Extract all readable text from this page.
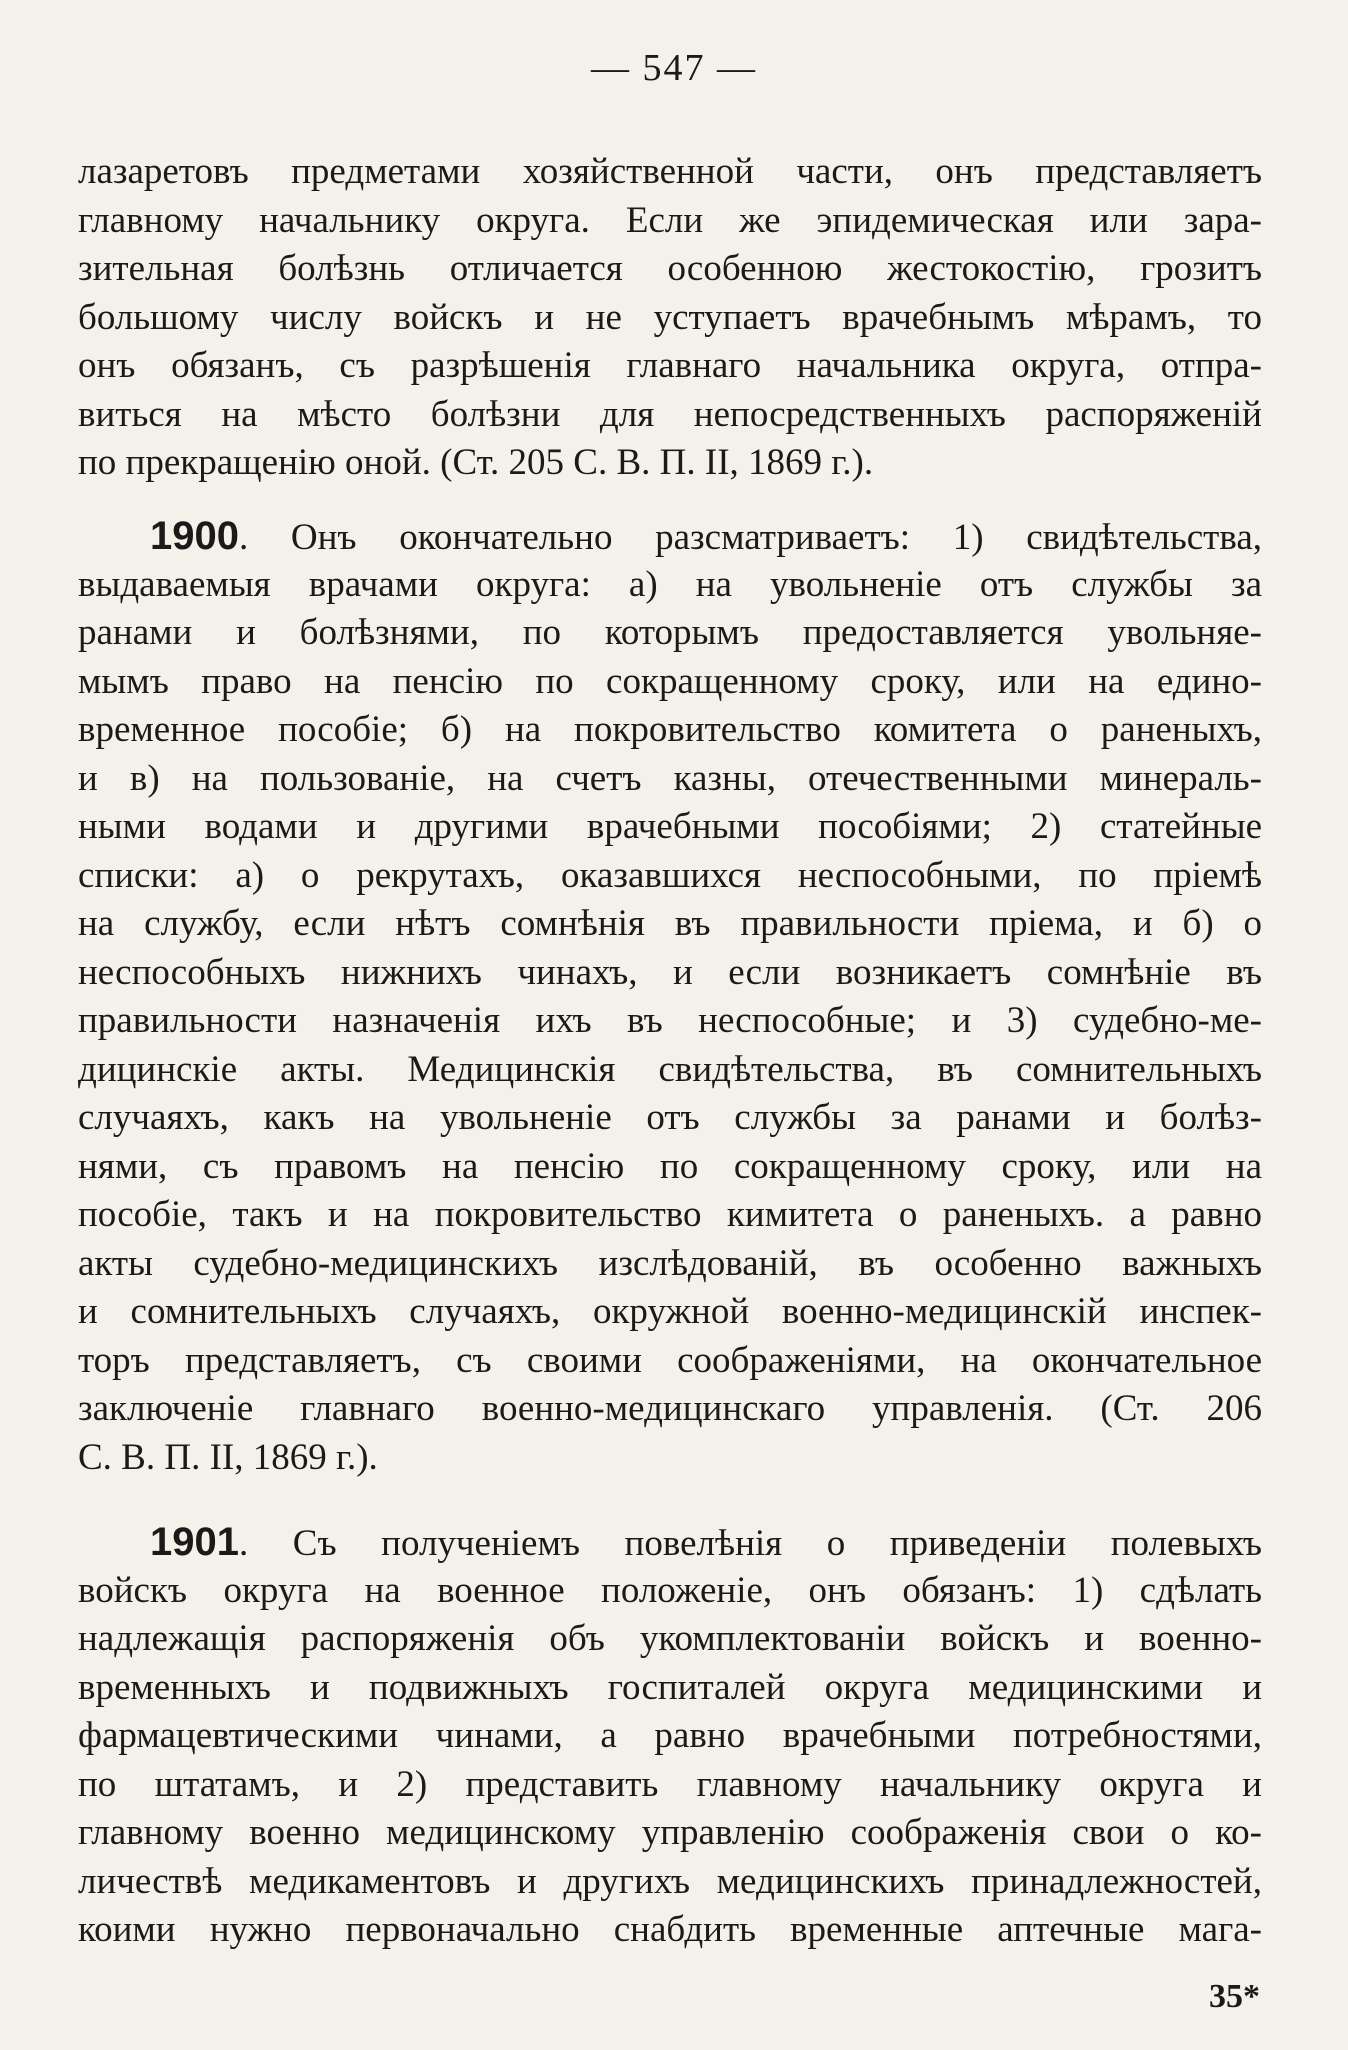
— 547 —
лазаретовъ предметами хозяйственной части, онъ представляетъ
главному начальнику округа. Если же эпидемическая или зара-
зительная болѣзнь отличается особенною жестокостію, грозитъ
большому числу войскъ и не уступаетъ врачебнымъ мѣрамъ, то
онъ обязанъ, съ разрѣшенія главнаго начальника округа, отпра-
виться на мѣсто болѣзни для непосредственныхъ распоряженій
по прекращенію оной. (Ст. 205 С. В. П. II, 1869 г.).
1900. Онъ окончательно разсматриваетъ: 1) свидѣтельства,
выдаваемыя врачами округа: а) на увольненіе отъ службы за
ранами и болѣзнями, по которымъ предоставляется увольняе-
мымъ право на пенсію по сокращенному сроку, или на едино-
временное пособіе; б) на покровительство комитета о раненыхъ,
и в) на пользованіе, на счетъ казны, отечественными минераль-
ными водами и другими врачебными пособіями; 2) статейные
списки: а) о рекрутахъ, оказавшихся неспособными, по пріемѣ
на службу, если нѣтъ сомнѣнія въ правильности пріема, и б) о
неспособныхъ нижнихъ чинахъ, и если возникаетъ сомнѣніе въ
правильности назначенія ихъ въ неспособные; и 3) судебно-ме-
дицинскіе акты. Медицинскія свидѣтельства, въ сомнительныхъ
случаяхъ, какъ на увольненіе отъ службы за ранами и болѣз-
нями, съ правомъ на пенсію по сокращенному сроку, или на
пособіе, такъ и на покровительство кимитета о раненыхъ. а равно
акты судебно-медицинскихъ изслѣдованій, въ особенно важныхъ
и сомнительныхъ случаяхъ, окружной военно-медицинскій инспек-
торъ представляетъ, съ своими соображеніями, на окончательное
заключеніе главнаго военно-медицинскаго управленія. (Ст. 206
С. В. П. II, 1869 г.).
1901. Съ полученіемъ повелѣнія о приведеніи полевыхъ
войскъ округа на военное положеніе, онъ обязанъ: 1) сдѣлать
надлежащія распоряженія объ укомплектованіи войскъ и военно-
временныхъ и подвижныхъ госпиталей округа медицинскими и
фармацевтическими чинами, а равно врачебными потребностями,
по штатамъ, и 2) представить главному начальнику округа и
главному военно медицинскому управленію соображенія свои о ко-
личествѣ медикаментовъ и другихъ медицинскихъ принадлежностей,
коими нужно первоначально снабдить временные аптечные мага-
35*
